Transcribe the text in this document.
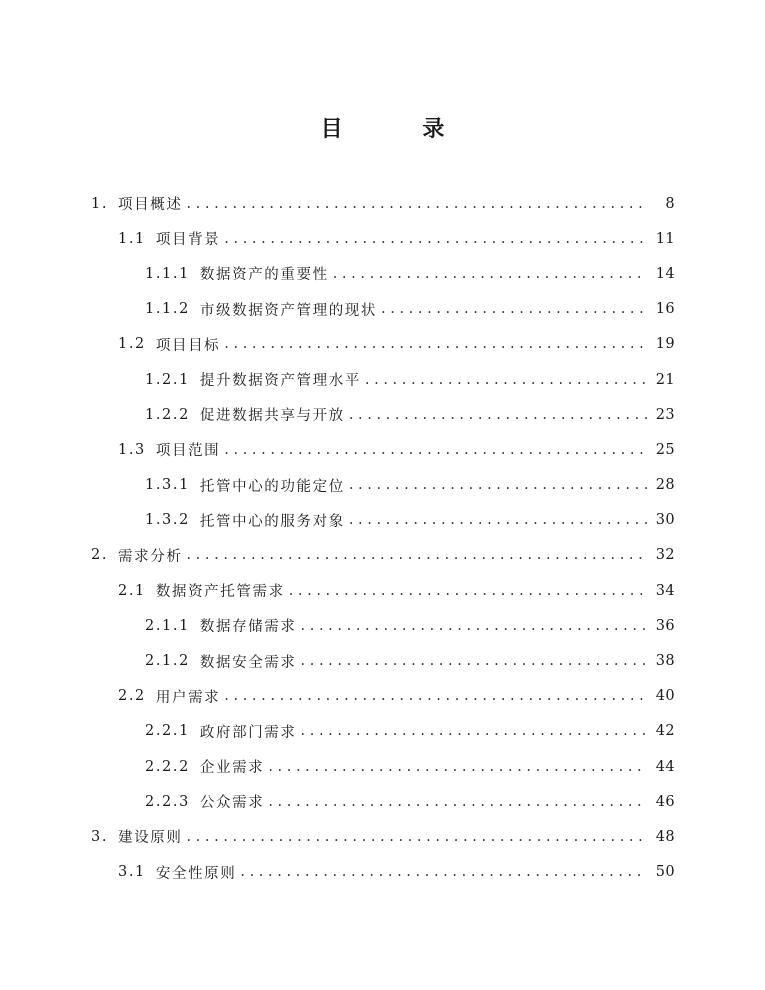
目 录
1. 项目概述 . . .	8
1.1 项目背景 . . .	11
1.1.1 数据资产的重要性 . . .	14
1.1.2 市级数据资产管理的现状 . . .	16
1.2 项目目标 . . .	19
1.2.1 提升数据资产管理水平 . . .	21
1.2.2 促进数据共享与开放 . . .	23
1.3 项目范围 . . .	25
1.3.1 托管中心的功能定位 . . .	28
1.3.2 托管中心的服务对象 . . .	30
2. 需求分析 . . .	32
2.1 数据资产托管需求 . . .	34
2.1.1 数据存储需求 . . .	36
2.1.2 数据安全需求 . . .	38
2.2 用户需求 . . .	40
2.2.1 政府部门需求 . . .	42
2.2.2 企业需求 . . .	44
2.2.3 公众需求 . . .	46
3. 建设原则 . . .	48
3.1 安全性原则 . . .	50
